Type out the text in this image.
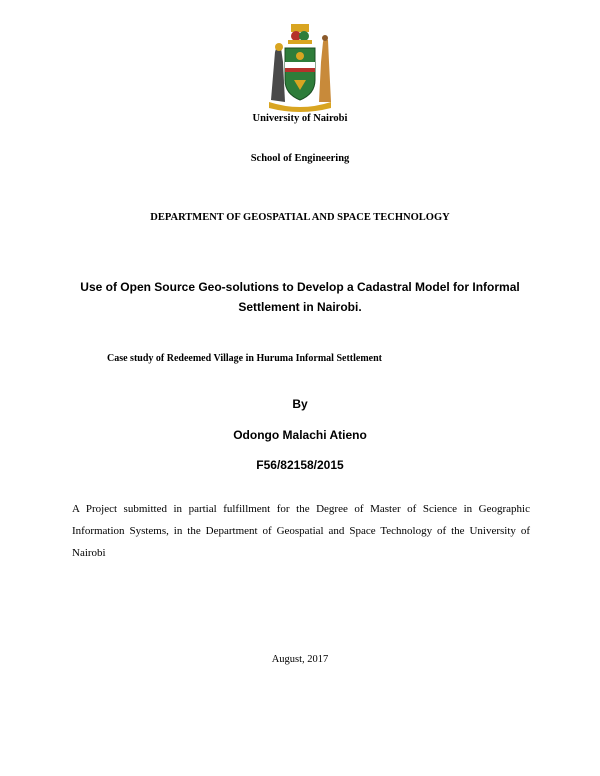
University of Nairobi
School of Engineering
DEPARTMENT OF GEOSPATIAL AND SPACE TECHNOLOGY
Use of Open Source Geo-solutions to Develop a Cadastral Model for Informal Settlement in Nairobi.
Case study of Redeemed Village in Huruma Informal Settlement
By
Odongo Malachi Atieno
F56/82158/2015
A Project submitted in partial fulfillment for the Degree of Master of Science in Geographic Information Systems, in the Department of Geospatial and Space Technology of the University of Nairobi
August, 2017
